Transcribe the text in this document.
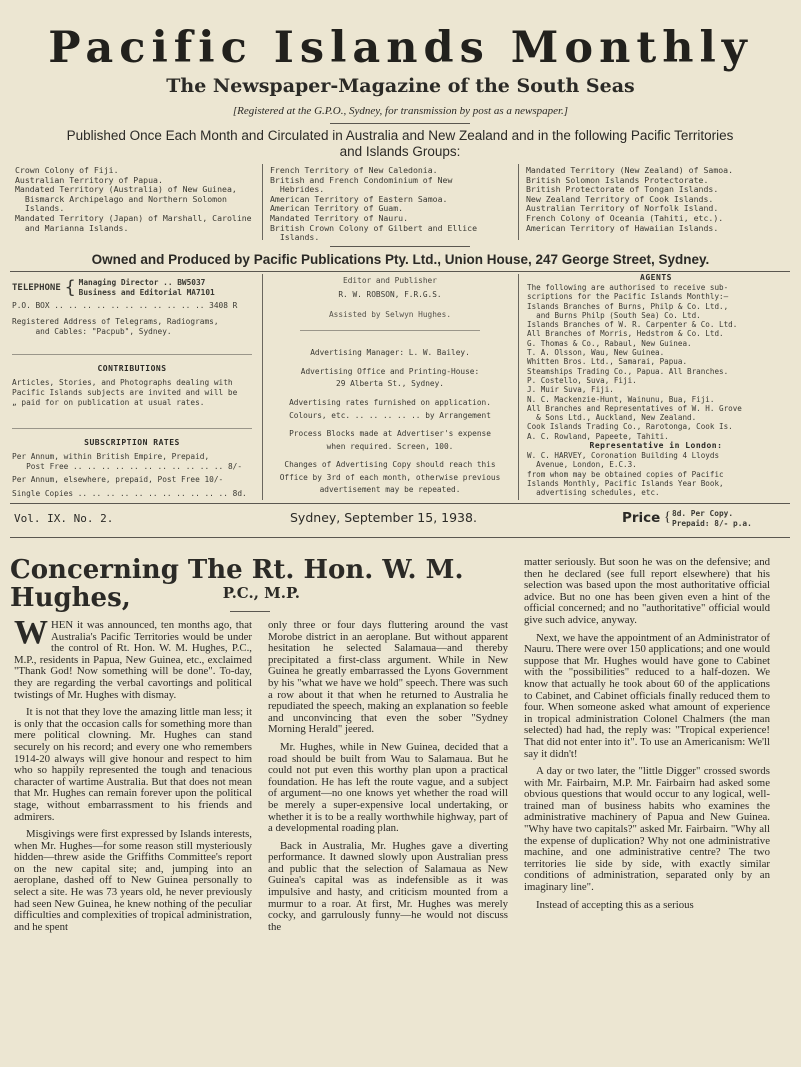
Pacific Islands Monthly
The Newspaper-Magazine of the South Seas
[Registered at the G.P.O., Sydney, for transmission by post as a newspaper.]
Published Once Each Month and Circulated in Australia and New Zealand and in the following Pacific Territories and Islands Groups:
Crown Colony of Fiji.
Australian Territory of Papua.
Mandated Territory (Australia) of New Guinea,
Bismarck Archipelago and Northern Solomon
Islands.
Mandated Territory (Japan) of Marshall, Caroline
and Marianna Islands.
French Territory of New Caledonia.
British and French Condominium of New
Hebrides.
American Territory of Eastern Samoa.
American Territory of Guam.
Mandated Territory of Nauru.
British Crown Colony of Gilbert and Ellice
Islands.
Mandated Territory (New Zealand) of Samoa.
British Solomon Islands Protectorate.
British Protectorate of Tongan Islands.
New Zealand Territory of Cook Islands.
Australian Territory of Norfolk Island.
French Colony of Oceania (Tahiti, etc.).
American Territory of Hawaiian Islands.
Owned and Produced by Pacific Publications Pty. Ltd., Union House, 247 George Street, Sydney.
TELEPHONE { Managing Director .. BW5037
Business and Editorial MA7101
P.O. BOX .. .. .. .. .. .. .. .. .. .. .. 3408 R
Registered Address of Telegrams, Radiograms,
and Cables: "Pacpub", Sydney.
CONTRIBUTIONS
Articles, Stories, and Photographs dealing with
Pacific Islands subjects are invited and will be
„ paid for on publication at usual rates.
SUBSCRIPTION RATES
Per Annum, within British Empire, Prepaid,
Post Free .. .. .. .. .. .. .. .. .. .. .. 8/-
Per Annum, elsewhere, prepaid, Post Free 10/-
Single Copies .. .. .. .. .. .. .. .. .. .. .. 8d.
Editor and Publisher
R. W. ROBSON, F.R.G.S.
Assisted by Selwyn Hughes.
Advertising Manager: L. W. Bailey.
Advertising Office and Printing-House:
29 Alberta St., Sydney.
Advertising rates furnished on application.
Colours, etc. .. .. .. .. .. by Arrangement
Process Blocks made at Advertiser's expense
when required. Screen, 100.
Changes of Advertising Copy should reach this
Office by 3rd of each month, otherwise previous
advertisement may be repeated.
AGENTS
The following are authorised to receive sub-
scriptions for the Pacific Islands Monthly:—
Islands Branches of Burns, Philp & Co. Ltd.,
and Burns Philp (South Sea) Co. Ltd.
Islands Branches of W. R. Carpenter & Co. Ltd.
All Branches of Morris, Hedstrom & Co. Ltd.
G. Thomas & Co., Rabaul, New Guinea.
T. A. Olsson, Wau, New Guinea.
Whitten Bros. Ltd., Samarai, Papua.
Steamships Trading Co., Papua. All Branches.
P. Costello, Suva, Fiji.
J. Muir Suva, Fiji.
N. C. Mackenzie-Hunt, Wainunu, Bua, Fiji.
All Branches and Representatives of W. H. Grove
& Sons Ltd., Auckland, New Zealand.
Cook Islands Trading Co., Rarotonga, Cook Is.
A. C. Rowland, Papeete, Tahiti.
Representative in London:
W. C. HARVEY, Coronation Building 4 Lloyds
Avenue, London, E.C.3.
from whom may be obtained copies of Pacific
Islands Monthly, Pacific Islands Year Book,
advertising schedules, etc.
Vol. IX. No. 2.	Sydney, September 15, 1938.	Price { 8d. Per Copy.
Prepaid: 8/- p.a.
Concerning The Rt. Hon. W. M. Hughes,	P.C., M.P.

WHEN it was announced, ten months ago, that Australia's Pacific Territories would be under the control of Rt. Hon. W. M. Hughes, P.C., M.P., residents in Papua, New Guinea, etc., exclaimed "Thank God! Now something will be done". To-day, they are regarding the verbal cavortings and political twistings of Mr. Hughes with dismay.

It is not that they love the amazing little man less; it is only that the occasion calls for something more than mere political clowning. Mr. Hughes can stand securely on his record; and every one who remembers 1914-20 always will give honour and respect to him who so happily represented the tough and tenacious character of wartime Australia. But that does not mean that Mr. Hughes can remain forever upon the political stage, without embarrassment to his friends and admirers.

Misgivings were first expressed by Islands interests, when Mr. Hughes—for some reason still mysteriously hidden—threw aside the Griffiths Committee's report on the new capital site; and, jumping into an aeroplane, dashed off to New Guinea personally to select a site. He was 73 years old, he never previously had seen New Guinea, he knew nothing of the peculiar difficulties and complexities of tropical administration, and he spent

only three or four days fluttering around the vast Morobe district in an aeroplane. But without apparent hesitation he selected Salamaua—and thereby precipitated a first-class argument. While in New Guinea he greatly embarrassed the Lyons Government by his "what we have we hold" speech. There was such a row about it that when he returned to Australia he repudiated the speech, making an explanation so feeble and unconvincing that even the sober "Sydney Morning Herald" jeered.

Mr. Hughes, while in New Guinea, decided that a road should be built from Wau to Salamaua. But he could not put even this worthy plan upon a practical foundation. He has left the route vague, and a subject of argument—no one knows yet whether the road will be merely a super-expensive local undertaking, or whether it is to be a really worthwhile highway, part of a developmental roading plan.

Back in Australia, Mr. Hughes gave a diverting performance. It dawned slowly upon Australian press and public that the selection of Salamaua as New Guinea's capital was as indefensible as it was impulsive and hasty, and criticism mounted from a murmur to a roar. At first, Mr. Hughes was merely cocky, and garrulously funny—he would not discuss the

matter seriously. But soon he was on the defensive; and then he declared (see full report elsewhere) that his selection was based upon the most authoritative official advice. But no one has been given even a hint of the official concerned; and no "authoritative" official would give such advice, anyway.

Next, we have the appointment of an Administrator of Nauru. There were over 150 applications; and one would suppose that Mr. Hughes would have gone to Cabinet with the "possibilities" reduced to a half-dozen. We know that actually he took about 60 of the applications to Cabinet, and Cabinet officials finally reduced them to four. When someone asked what amount of experience in tropical administration Colonel Chalmers (the man selected) had had, the reply was: "Tropical experience! That did not enter into it". To use an Americanism: We'll say it didn't!

A day or two later, the "little Digger" crossed swords with Mr. Fairbairn, M.P. Mr. Fairbairn had asked some obvious questions that would occur to any logical, well-trained man of business habits who examines the administrative machinery of Papua and New Guinea. "Why have two capitals?" asked Mr. Fairbairn. "Why all the expense of duplication? Why not one administrative machine, and one administrative centre? The two territories lie side by side, with exactly similar conditions of administration, separated only by an imaginary line".

Instead of accepting this as a serious
